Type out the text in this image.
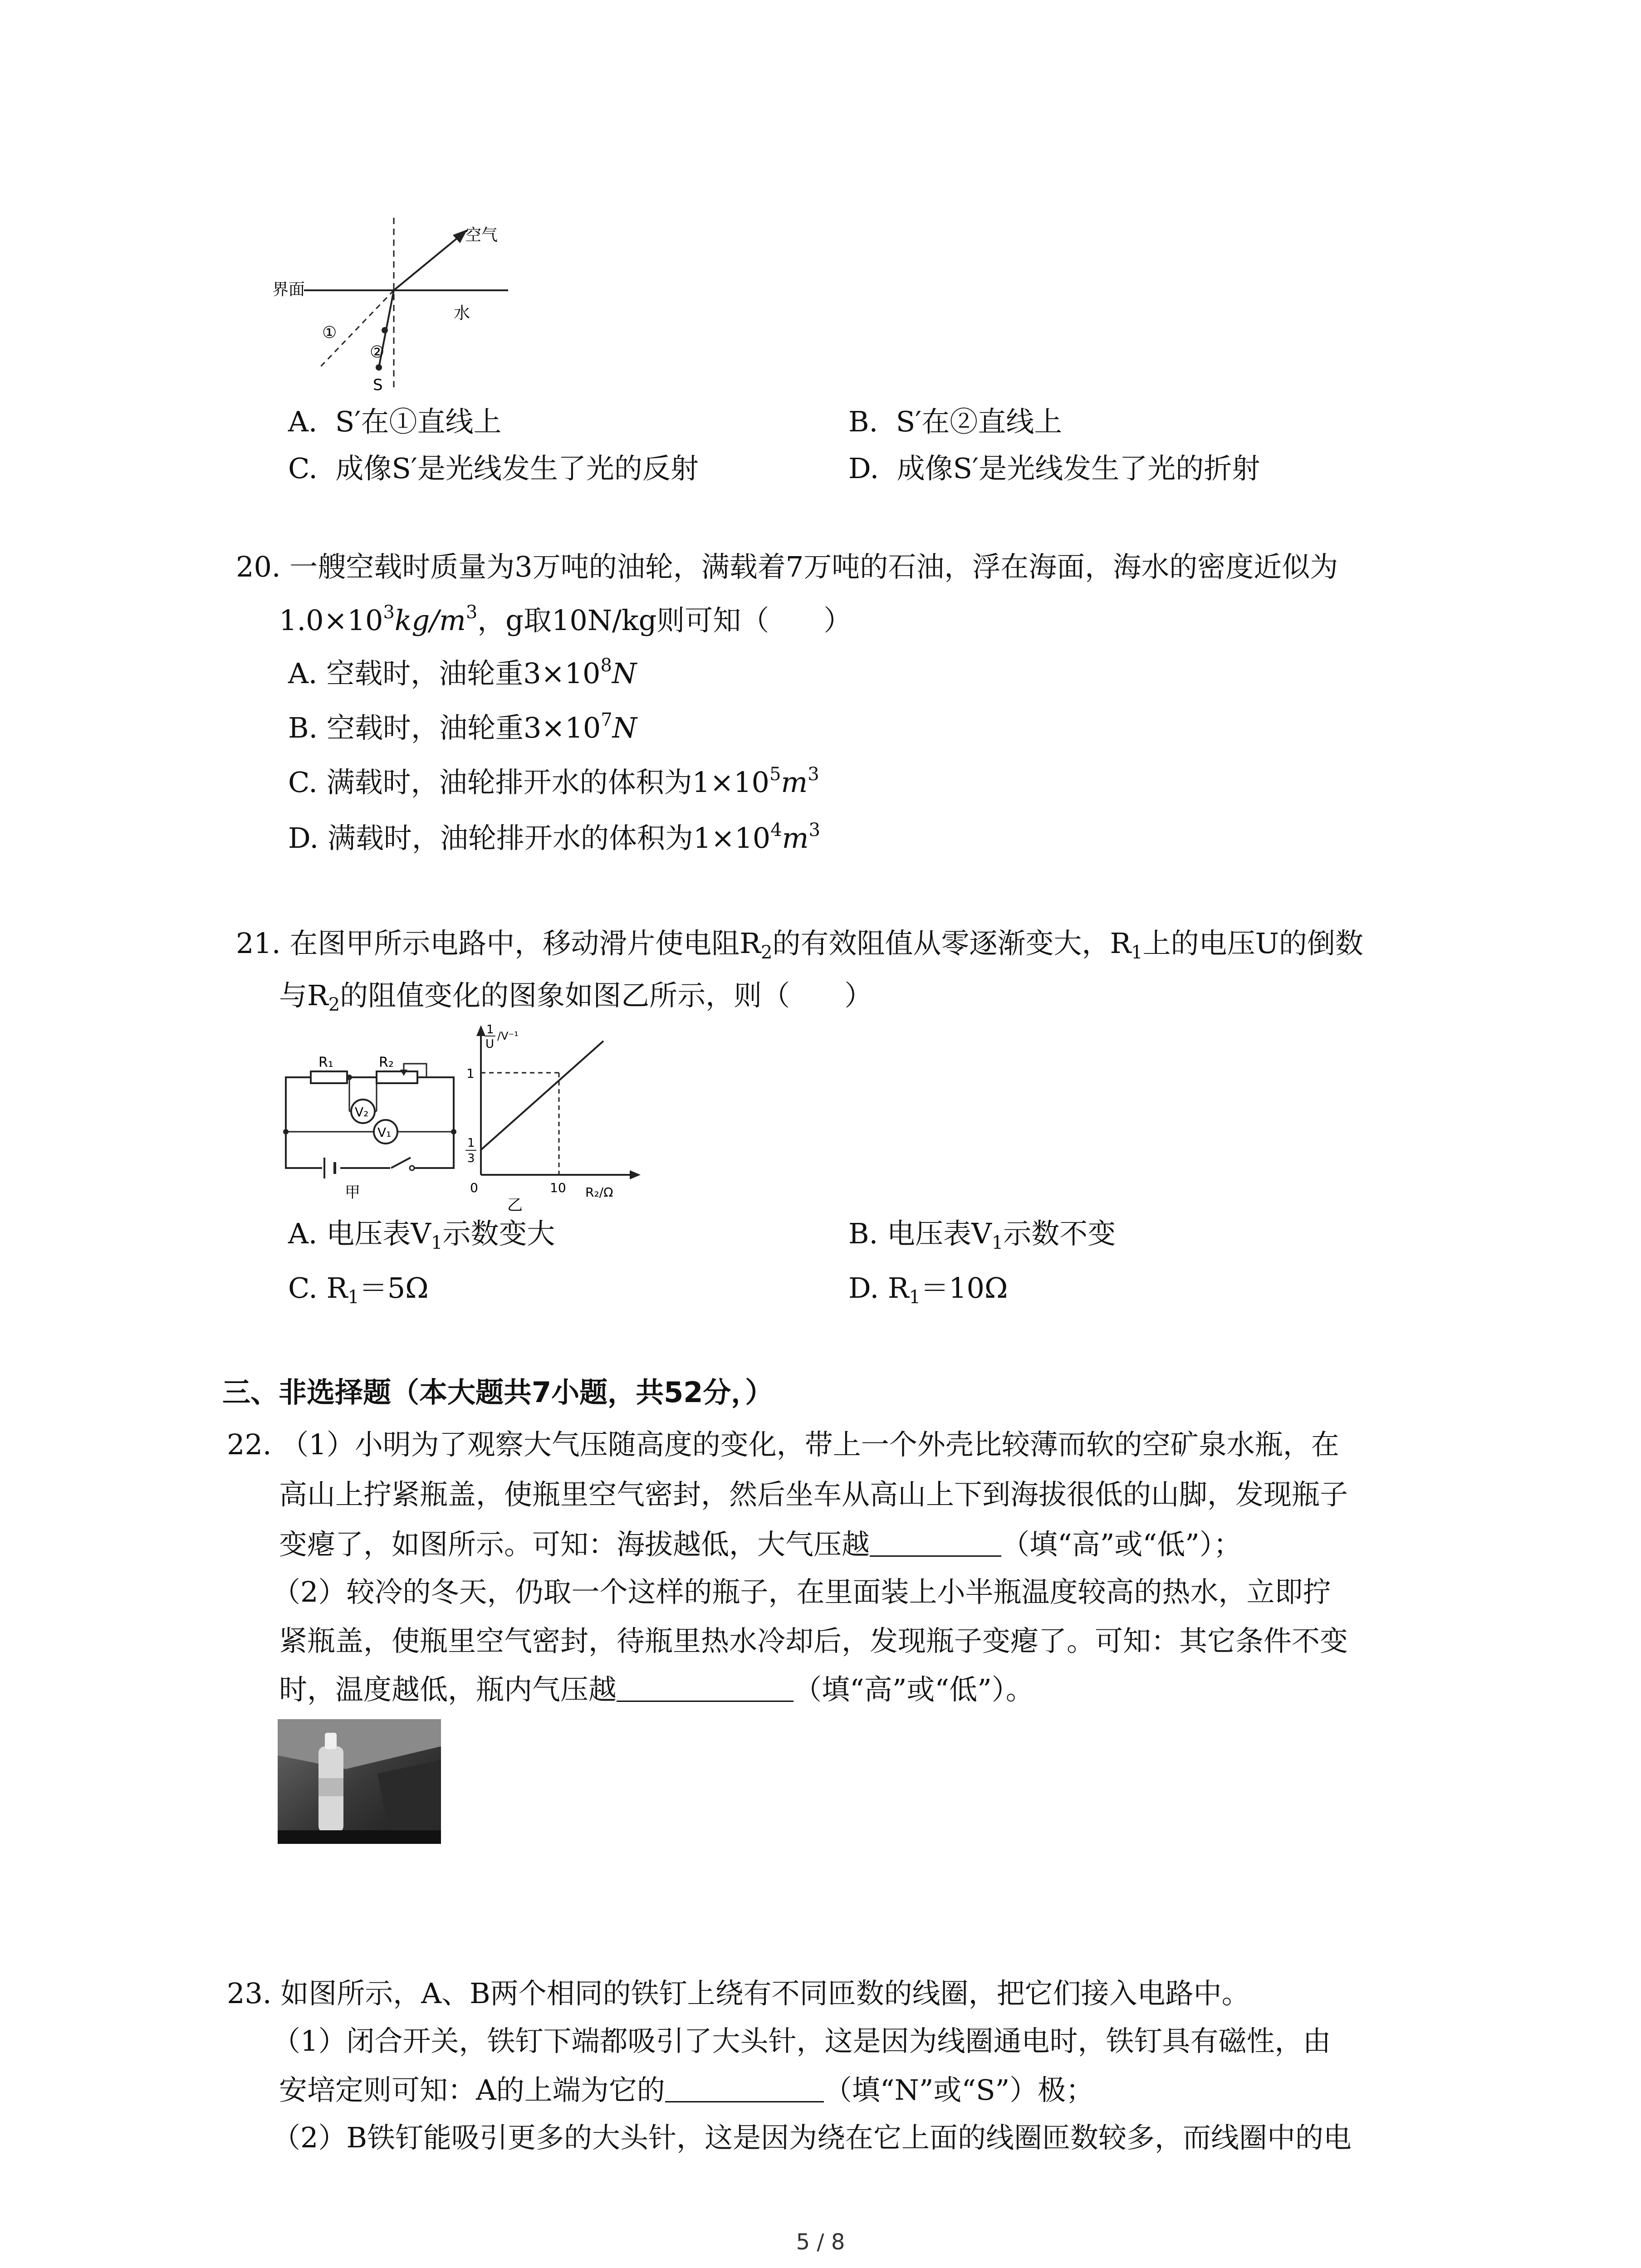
空气
界面
水
①
②
S
A. S′在①直线上	B. S′在②直线上
C. 成像S′是光线发生了光的反射	D. 成像S′是光线发生了光的折射
20. 一艘空载时质量为3万吨的油轮，满载着7万吨的石油，浮在海面，海水的密度近似为
$1.0\times 10^3kg/m^3$，g取10N/kg则可知（ ）
A. 空载时，油轮重$3\times 10^8N$
B. 空载时，油轮重$3\times 10^7N$
C. 满载时，油轮排开水的体积为$1\times 10^5m^3$
D. 满载时，油轮排开水的体积为$1\times 10^4m^3$
21. 在图甲所示电路中，移动滑片使电阻$R_2$的有效阻值从零逐渐变大，$R_1$上的电压U的倒数
与$R_2$的阻值变化的图象如图乙所示，则（ ）
R₁	R₂
V₂
V₁
甲
1
U
/V⁻¹
1
1
3
0	10 R₂/Ω
乙
A. 电压表$V_1$示数变大	B. 电压表$V_1$示数不变
C. $R_1=5\Omega$	D. $R_1=10\Omega$
三、非选择题（本大题共7小题，共52分，）
22. （1）小明为了观察大气压随高度的变化，带上一个外壳比较薄而软的空矿泉水瓶，在
高山上拧紧瓶盖，使瓶里空气密封，然后坐车从高山上下到海拔很低的山脚，发现瓶子
变瘪了，如图所示。可知：海拔越低，大气压越	（填“高”或“低”）；
（2）较冷的冬天，仍取一个这样的瓶子，在里面装上小半瓶温度较高的热水，立即拧
紧瓶盖，使瓶里空气密封，待瓶里热水冷却后，发现瓶子变瘪了。可知：其它条件不变
时，温度越低，瓶内气压越	（填“高”或“低”）。
23. 如图所示，A、B两个相同的铁钉上绕有不同匝数的线圈，把它们接入电路中。
（1）闭合开关，铁钉下端都吸引了大头针，这是因为线圈通电时，铁钉具有磁性，由
安培定则可知：A的上端为它的	（填“N”或“S”）极；
（2）B铁钉能吸引更多的大头针，这是因为绕在它上面的线圈匝数较多，而线圈中的电
5 / 8
